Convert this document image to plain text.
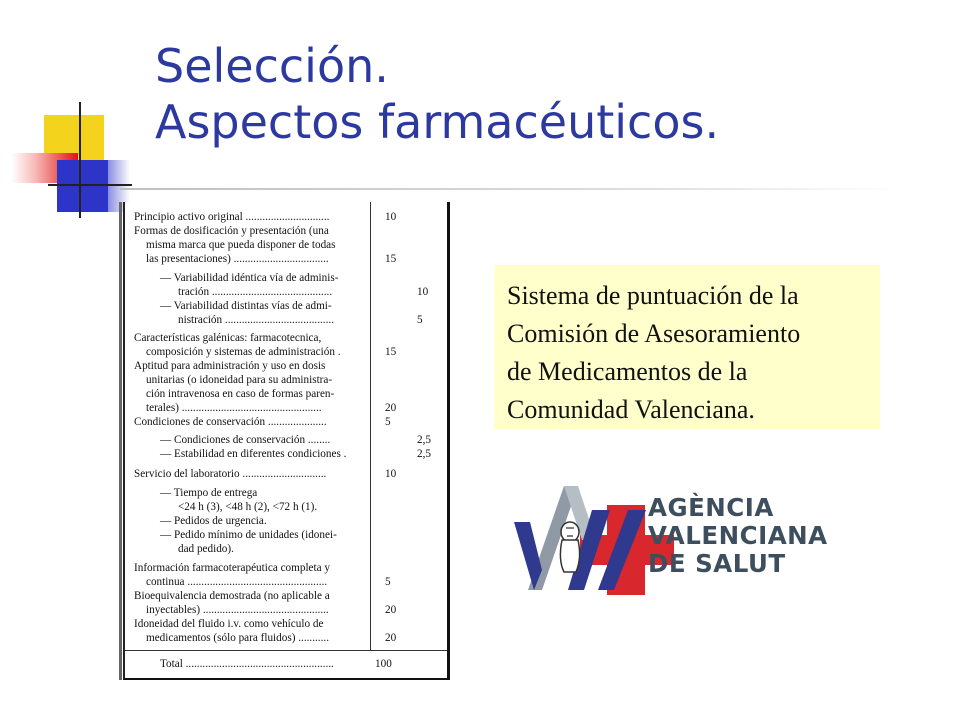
Selección.
Aspectos farmacéuticos.
Principio activo original ..............................	10
Formas de dosificación y presentación (una
misma marca que pueda disponer de todas
las presentaciones) ..................................	15
— Variabilidad idéntica vía de adminis-
tración ...........................................	10
— Variabilidad distintas vías de admi-
nistración .......................................	5
Características galénicas: farmacotecnica,
composición y sistemas de administración .	15
Aptitud para administración y uso en dosis
unitarias (o idoneidad para su administra-
ción intravenosa en caso de formas paren-
terales) ..................................................	20
Condiciones de conservación .....................	5
— Condiciones de conservación ........	2,5
— Estabilidad en diferentes condiciones .	2,5
Servicio del laboratorio ..............................	10
— Tiempo de entrega
<24 h (3), <48 h (2), <72 h (1).
— Pedidos de urgencia.
— Pedido mínimo de unidades (idonei-
dad pedido).
Información farmacoterapéutica completa y
continua ..................................................	5
Bioequivalencia demostrada (no aplicable a
inyectables) .............................................	20
Idoneidad del fluido i.v. como vehículo de
medicamentos (sólo para fluidos) ...........	20
Total .....................................................	100

Sistema de puntuación de la
Comisión de Asesoramiento
de Medicamentos de la
Comunidad Valenciana.

AGÈNCIA
VALENCIANA
DE SALUT
